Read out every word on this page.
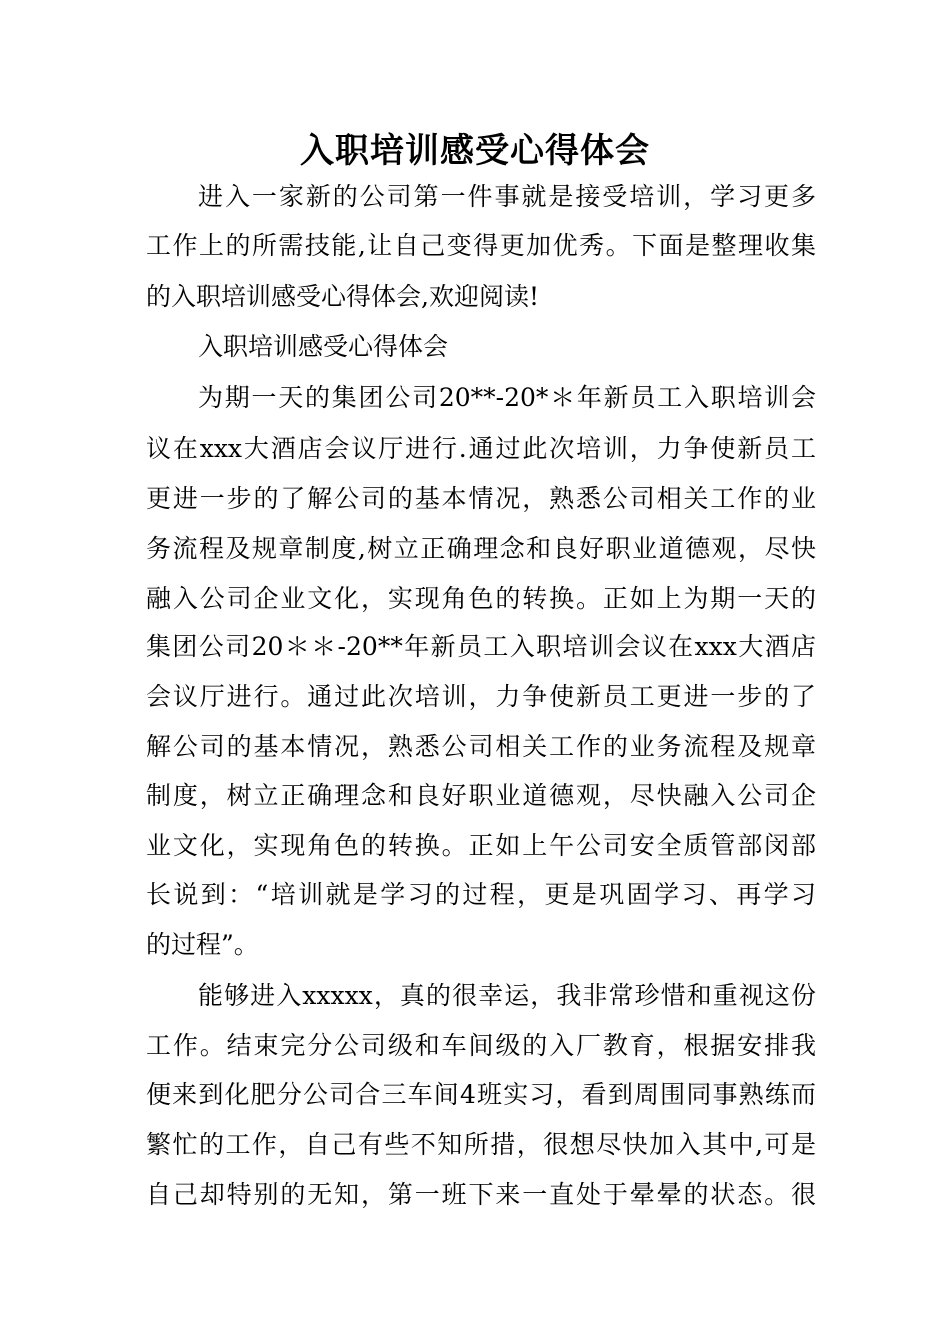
入职培训感受心得体会
进入一家新的公司第一件事就是接受培训，学习更多
工作上的所需技能,让自己变得更加优秀。下面是整理收集
的入职培训感受心得体会,欢迎阅读!
入职培训感受心得体会
为期一天的集团公司20**-20*＊年新员工入职培训会
议在xxx大酒店会议厅进行.通过此次培训，力争使新员工
更进一步的了解公司的基本情况，熟悉公司相关工作的业
务流程及规章制度,树立正确理念和良好职业道德观，尽快
融入公司企业文化，实现角色的转换。正如上为期一天的
集团公司20＊＊-20**年新员工入职培训会议在xxx大酒店
会议厅进行。通过此次培训，力争使新员工更进一步的了
解公司的基本情况，熟悉公司相关工作的业务流程及规章
制度，树立正确理念和良好职业道德观，尽快融入公司企
业文化，实现角色的转换。正如上午公司安全质管部闵部
长说到：“培训就是学习的过程，更是巩固学习、再学习
的过程”。
能够进入xxxxx，真的很幸运，我非常珍惜和重视这份
工作。结束完分公司级和车间级的入厂教育，根据安排我
便来到化肥分公司合三车间4班实习，看到周围同事熟练而
繁忙的工作，自己有些不知所措，很想尽快加入其中,可是
自己却特别的无知，第一班下来一直处于晕晕的状态。很
